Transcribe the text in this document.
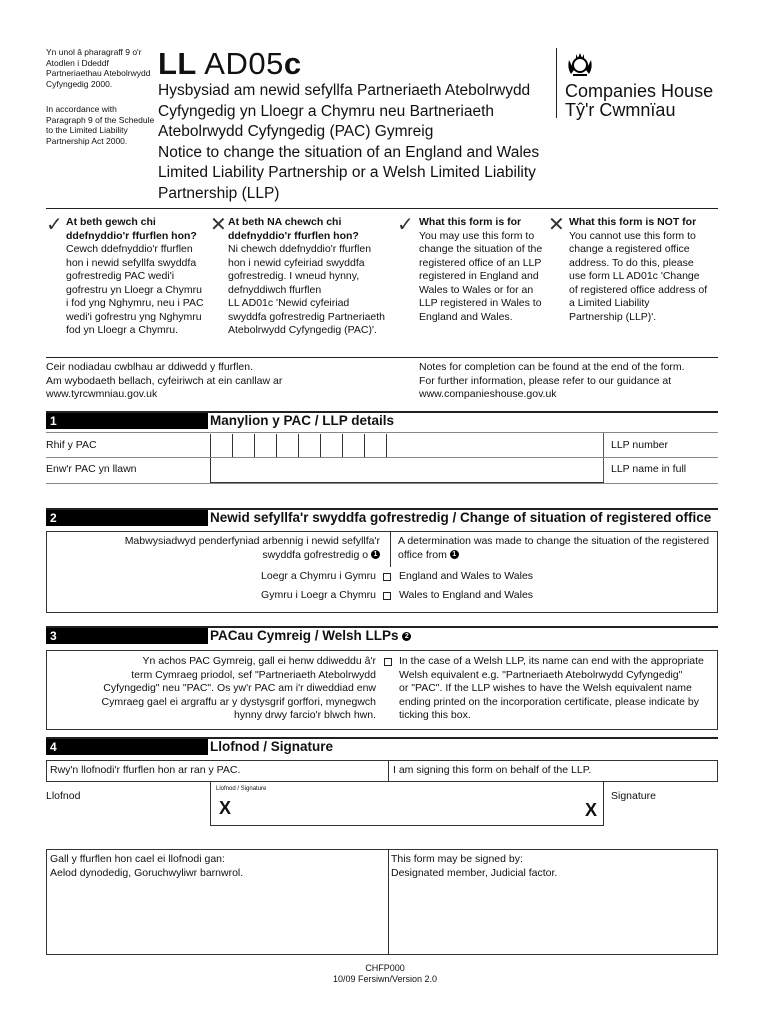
Yn unol â pharagraff 9 o'r Atodlen i Ddeddf Partneriaethau Atebolrwydd Cyfyngedig 2000.
In accordance with Paragraph 9 of the Schedule to the Limited Liability Partnership Act 2000.
LL AD05c
Hysbysiad am newid sefyllfa Partneriaeth Atebolrwydd
Cyfyngedig yn Lloegr a Chymru neu Bartneriaeth
Atebolrwydd Cyfyngedig (PAC) Gymreig
Notice to change the situation of an England and Wales
Limited Liability Partnership or a Welsh Limited Liability
Partnership (LLP)
Companies House
Tŷ'r Cwmnïau
✓ At beth gewch chi
ddefnyddio'r ffurflen hon?
Cewch ddefnyddio'r ffurflen
hon i newid sefyllfa swyddfa
gofrestredig PAC wedi'i
gofrestru yn Lloegr a Chymru
i fod yng Nghymru, neu i PAC
wedi'i gofrestru yng Nghymru
fod yn Lloegr a Chymru.
✕ At beth NA chewch chi
ddefnyddio'r ffurflen hon?
Ni chewch ddefnyddio'r ffurflen
hon i newid cyfeiriad swyddfa
gofrestredig. I wneud hynny,
defnyddiwch ffurflen
LL AD01c 'Newid cyfeiriad
swyddfa gofrestredig Partneriaeth
Atebolrwydd Cyfyngedig (PAC)'.
✓ What this form is for
You may use this form to
change the situation of the
registered office of an LLP
registered in England and
Wales to Wales or for an
LLP registered in Wales to
England and Wales.
✕ What this form is NOT for
You cannot use this form to
change a registered office
address. To do this, please
use form LL AD01c 'Change
of registered office address of
a Limited Liability
Partnership (LLP)'.
Ceir nodiadau cwblhau ar ddiwedd y ffurflen.
Am wybodaeth bellach, cyfeiriwch at ein canllaw ar
www.tyrcwmniau.gov.uk
Notes for completion can be found at the end of the form.
For further information, please refer to our guidance at
www.companieshouse.gov.uk
1	Manylion y PAC / LLP details
Rhif y PAC	LLP number
Enw'r PAC yn llawn	LLP name in full
2	Newid sefyllfa'r swyddfa gofrestredig / Change of situation of registered office
Mabwysiadwyd penderfyniad arbennig i newid sefyllfa'r
swyddfa gofrestredig o 1
A determination was made to change the situation of the registered
office from 1
Loegr a Chymru i Gymru England and Wales to Wales
Gymru i Loegr a Chymru Wales to England and Wales
3	PACau Cymreig / Welsh LLPs 2
Yn achos PAC Gymreig, gall ei henw ddiweddu â'r
term Cymraeg priodol, sef "Partneriaeth Atebolrwydd
Cyfyngedig" neu "PAC". Os yw'r PAC am i'r diweddiad enw
Cymraeg gael ei argraffu ar y dystysgrif gorffori, mynegwch
hynny drwy farcio'r blwch hwn.
In the case of a Welsh LLP, its name can end with the appropriate
Welsh equivalent e.g. "Partneriaeth Atebolrwydd Cyfyngedig"
or "PAC". If the LLP wishes to have the Welsh equivalent name
ending printed on the incorporation certificate, please indicate by
ticking this box.
4	Llofnod / Signature
Rwy'n llofnodi'r ffurflen hon ar ran y PAC.	I am signing this form on behalf of the LLP.
Llofnod
Llofnod / Signature
X	X
Signature
Gall y ffurflen hon cael ei llofnodi gan:
Aelod dynodedig, Goruchwyliwr barnwrol.
This form may be signed by:
Designated member, Judicial factor.
CHFP000
10/09 Fersiwn/Version 2.0
